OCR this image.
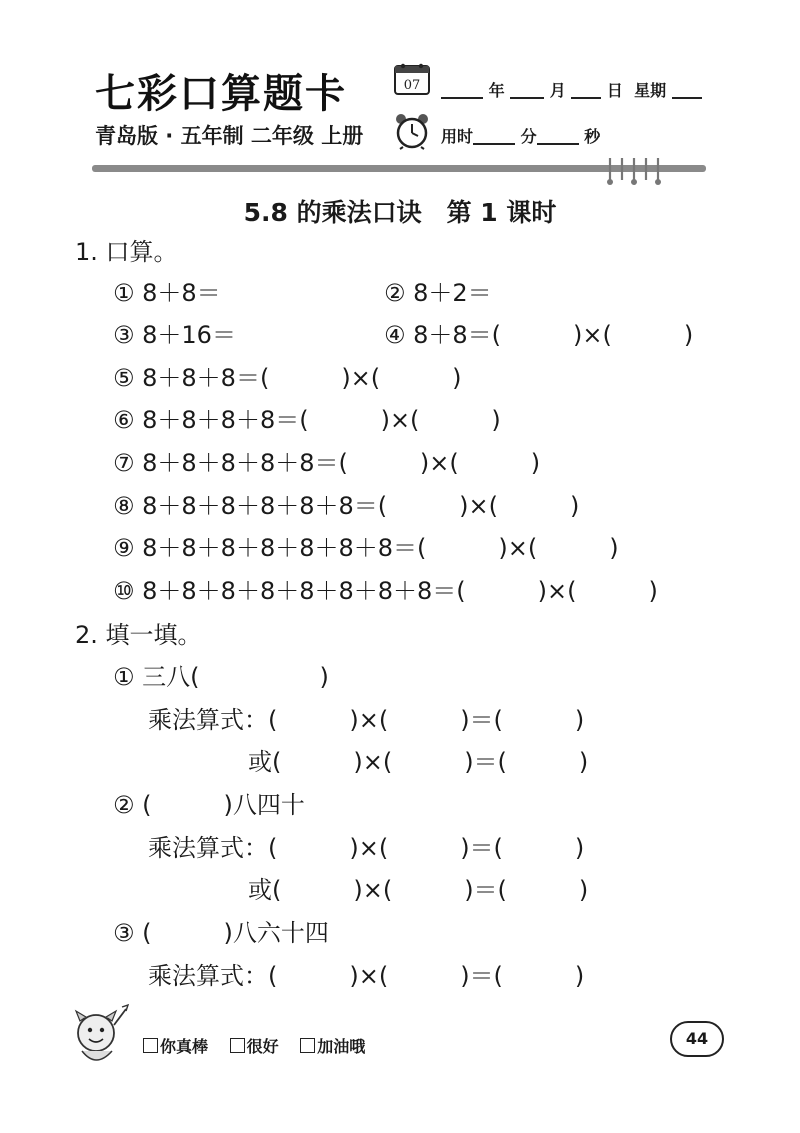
七彩口算题卡
青岛版 · 五年制 二年级 上册
07	年	月	日 星期
用时	分	秒
5.8 的乘法口诀　第 1 课时
1. 口算。
① 8＋8＝	② 8＋2＝
③ 8＋16＝	④ 8＋8＝(　　　)×(　　　)
⑤ 8＋8＋8＝(　　　)×(　　　)
⑥ 8＋8＋8＋8＝(　　　)×(　　　)
⑦ 8＋8＋8＋8＋8＝(　　　)×(　　　)
⑧ 8＋8＋8＋8＋8＋8＝(　　　)×(　　　)
⑨ 8＋8＋8＋8＋8＋8＋8＝(　　　)×(　　　)
⑩ 8＋8＋8＋8＋8＋8＋8＋8＝(　　　)×(　　　)
2. 填一填。
① 三八(　　　　　)
乘法算式：(　　　)×(　　　)＝(　　　)
或(　　　)×(　　　)＝(　　　)
② (　　　)八四十
乘法算式：(　　　)×(　　　)＝(　　　)
或(　　　)×(　　　)＝(　　　)
③ (　　　)八六十四
乘法算式：(　　　)×(　　　)＝(　　　)
你真棒 很好 加油哦	44
